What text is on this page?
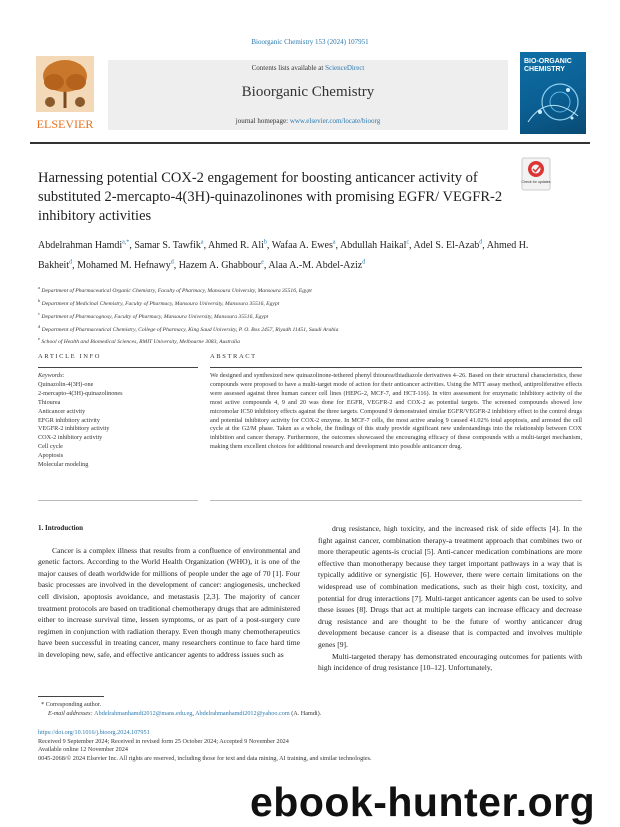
Bioorganic Chemistry 153 (2024) 107951
ELSEVIER
Contents lists available at ScienceDirect
Bioorganic Chemistry
journal homepage: www.elsevier.com/locate/bioorg
BIO-ORGANIC CHEMISTRY
Harnessing potential COX-2 engagement for boosting anticancer activity of substituted 2-mercapto-4(3H)-quinazolinones with promising EGFR/ VEGFR-2 inhibitory activities
Check for updates
Abdelrahman Hamdi$^{a,*}$, Samar S. Tawfik$^a$, Ahmed R. Ali$^b$, Wafaa A. Ewes$^a$, Abdullah Haikal$^c$, Adel S. El-Azab$^d$, Ahmed H. Bakheit$^d$, Mohamed M. Hefnawy$^d$, Hazem A. Ghabbour$^e$, Alaa A.-M. Abdel-Aziz$^d$
$^a$ Department of Pharmaceutical Organic Chemistry, Faculty of Pharmacy, Mansoura University, Mansoura 35516, Egypt
$^b$ Department of Medicinal Chemistry, Faculty of Pharmacy, Mansoura University, Mansoura 35516, Egypt
$^c$ Department of Pharmacognosy, Faculty of Pharmacy, Mansoura University, Mansoura 35516, Egypt
$^d$ Department of Pharmaceutical Chemistry, College of Pharmacy, King Saud University, P. O. Box 2457, Riyadh 11451, Saudi Arabia
$^e$ School of Health and Biomedical Sciences, RMIT University, Melbourne 3083, Australia
ARTICLE INFO	ABSTRACT
Keywords:
Quinazolin-4(3H)-one
2-mercapto-4(3H)-quinazolinones
Thiourea
Anticancer activity
EFGR inhibitory activity
VEGFR-2 inhibitory activity
COX-2 inhibitory activity
Cell cycle
Apoptosis
Molecular modeling
We designed and synthesized new quinazolinone-tethered phenyl thiourea/thiadiazole derivatives 4–26. Based on their structural characteristics, these compounds were proposed to have a multi-target mode of action for their anticancer activities. Using the MTT assay method, antiproliferative effects were assessed against three human cancer cell lines (HEPG-2, MCF-7, and HCT-116). In vitro assessment for enzymatic inhibitory activity of the most active compounds 4, 9 and 20 was done for EGFR, VEGFR-2 and COX-2 as potential targets. The screened compounds showed low micromolar IC50 inhibitory effects against the three targets. Compound 9 demonstrated similar EGFR/VEGFR-2 inhibitory effect to the control drugs and potential inhibitory activity for COX-2 enzyme. In MCF-7 cells, the most active analog 9 caused 41.02% total apoptosis, and arrested the cell cycle at the G2/M phase. Taken as a whole, the findings of this study provide significant new understandings into the relationship between COX inhibition and cancer therapy. Furthermore, the outcomes showcased the encouraging efficacy of these compounds with a multi-target mechanism, making them excellent choices for additional research and development into possible anticancer drug.
1. Introduction

Cancer is a complex illness that results from a confluence of environmental and genetic factors. According to the World Health Organization (WHO), it is one of the major causes of death worldwide for millions of people under the age of 70 [1]. Four basic processes are involved in the development of cancer: angiogenesis, unchecked cell division, apoptosis avoidance, and metastasis [2,3]. The majority of cancer treatment protocols are based on traditional chemotherapy drugs that are administered either to increase survival time, lessen symptoms, or as part of a post-surgery cure regimen in conjunction with radiation therapy. Even though many chemotherapeutics have been successful in treating cancer, many researchers continue to face hard time in developing new, safe, and effective anticancer agents to address issues such as

drug resistance, high toxicity, and the increased risk of side effects [4]. In the fight against cancer, combination therapy-a treatment approach that combines two or more therapeutic agents-is crucial [5]. Anti-cancer medication combinations are more effective than monotherapy because they target important pathways in a way that is typically additive or synergistic [6]. However, there were certain limitations on the widespread use of combination medications, such as their high cost, toxicity, and potential for drug interactions [7]. Multi-target anticancer agents can be used to solve these issues [8]. Drugs that act at multiple targets can increase efficacy and decrease drug resistance and are thought to be the future of worthy anticancer drug development because cancer is a disease that is compacted and involves multiple genes [9].

Multi-targeted therapy has demonstrated encouraging outcomes for patients with high incidence of drug resistance [10–12]. Unfortunately,

* Corresponding author.
E-mail addresses: Abdelrahmanhamdi2012@mans.edu.eg, Abdelrahmanhamdi2012@yahoo.com (A. Hamdi).
https://doi.org/10.1016/j.bioorg.2024.107951
Received 9 September 2024; Received in revised form 25 October 2024; Accepted 9 November 2024
Available online 12 November 2024
0045-2068/© 2024 Elsevier Inc. All rights are reserved, including those for text and data mining, AI training, and similar technologies.
ebook-hunter.org
